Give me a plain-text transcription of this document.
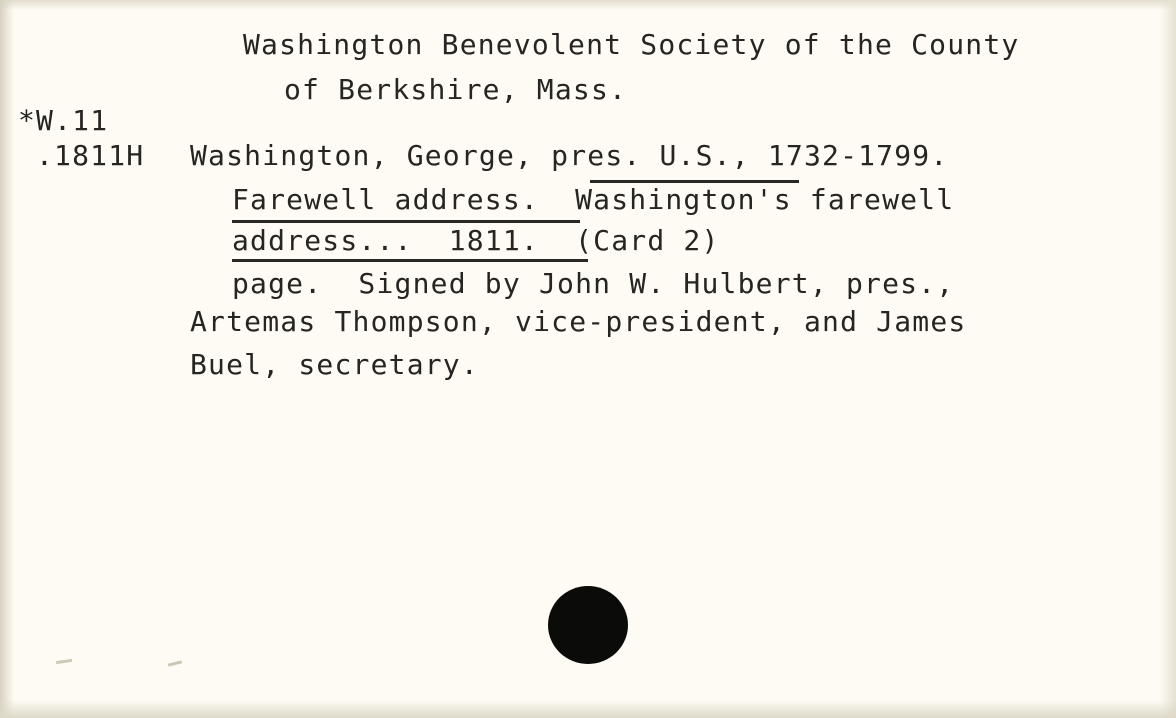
Washington Benevolent Society of the County
of Berkshire, Mass.
*W.11
.1811H Washington, George, pres. U.S., 1732-1799.
Farewell address.  Washington's farewell
address...  1811.  (Card 2)
page.  Signed by John W. Hulbert, pres.,
Artemas Thompson, vice-president, and James
Buel, secretary.
